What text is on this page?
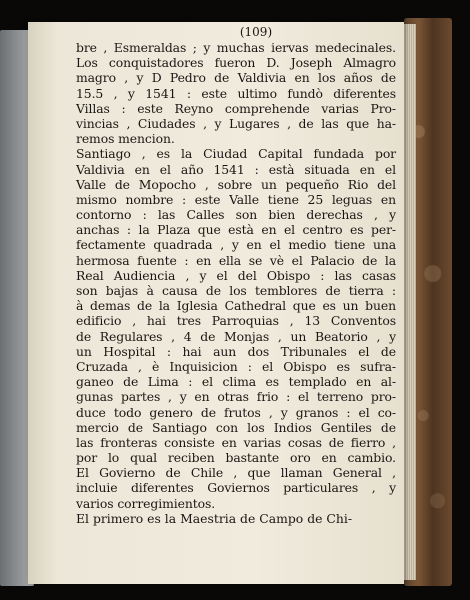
(109)
bre , Esmeraldas ; y muchas iervas medecinales.
Los conquistadores fueron D. Joseph Almagro
magro , y D Pedro de Valdivia en los años de
15.5 , y 1541 : este ultimo fundò diferentes
Villas : este Reyno comprehende varias Pro-
vincias , Ciudades , y Lugares , de las que ha-
remos mencion.
Santiago , es la Ciudad Capital fundada por
Valdivia en el año 1541 : està situada en el
Valle de Mopocho , sobre un pequeño Rio del
mismo nombre : este Valle tiene 25 leguas en
contorno : las Calles son bien derechas , y
anchas : la Plaza que està en el centro es per-
fectamente quadrada , y en el medio tiene una
hermosa fuente : en ella se vè el Palacio de la
Real Audiencia , y el del Obispo : las casas
son bajas à causa de los temblores de tierra :
à demas de la Iglesia Cathedral que es un buen
edificio , hai tres Parroquias , 13 Conventos
de Regulares , 4 de Monjas , un Beatorio , y
un Hospital : hai aun dos Tribunales el de
Cruzada , è Inquisicion : el Obispo es sufra-
ganeo de Lima : el clima es templado en al-
gunas partes , y en otras frio : el terreno pro-
duce todo genero de frutos , y granos : el co-
mercio de Santiago con los Indios Gentiles de
las fronteras consiste en varias cosas de fierro ,
por lo qual reciben bastante oro en cambio.
El Govierno de Chile , que llaman General ,
incluie diferentes Goviernos particulares , y
varios corregimientos.
El primero es la Maestria de Campo de Chi-
